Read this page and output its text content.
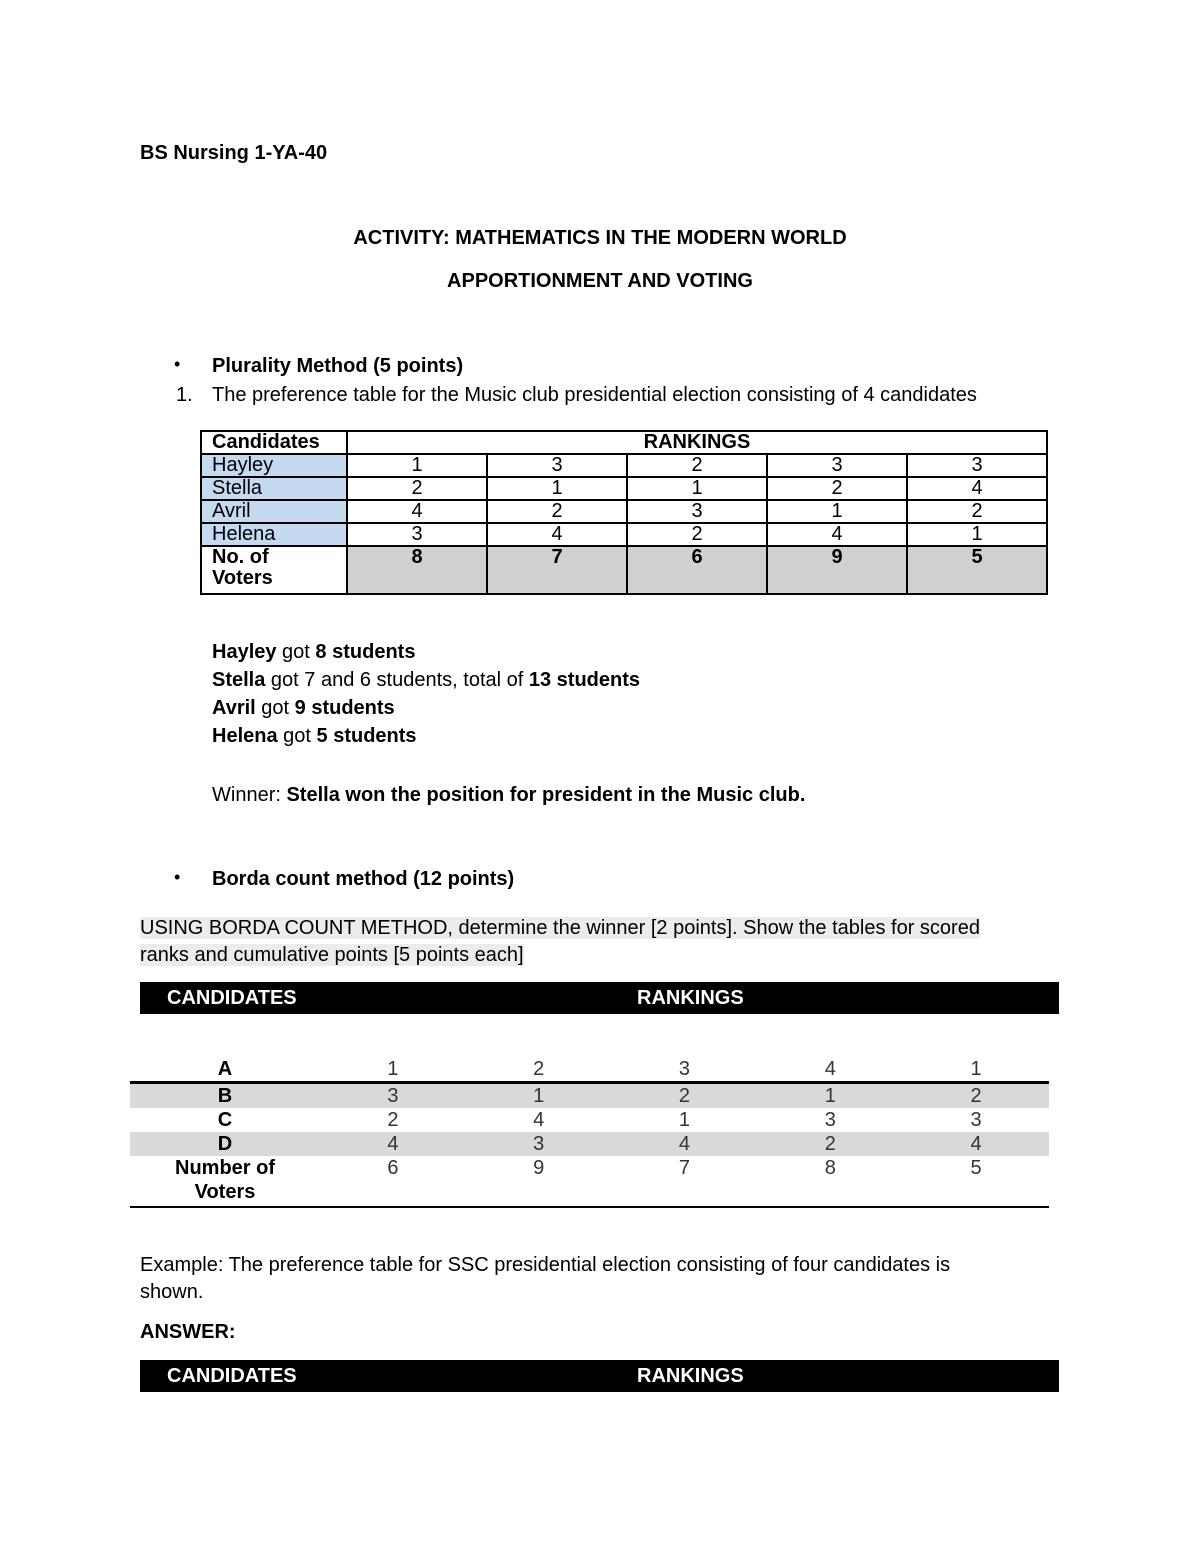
BS Nursing 1-YA-40
ACTIVITY: MATHEMATICS IN THE MODERN WORLD
APPORTIONMENT AND VOTING
• Plurality Method (5 points)
1. The preference table for the Music club presidential election consisting of 4 candidates
Candidates	RANKINGS				
Hayley	1	3	2	3	3
Stella	2	1	1	2	4
Avril	4	2	3	1	2
Helena	3	4	2	4	1
No. of
Voters	8	7	6	9	5
Hayley got 8 students
Stella got 7 and 6 students, total of 13 students
Avril got 9 students
Helena got 5 students
Winner: Stella won the position for president in the Music club.
• Borda count method (12 points)
USING BORDA COUNT METHOD, determine the winner [2 points]. Show the tables for scored
ranks and cumulative points [5 points each]
CANDIDATES	RANKINGS
A	1	2	3	4	1
B	3	1	2	1	2
C	2	4	1	3	3
D	4	3	4	2	4
Number of
Voters	6	9	7	8	5
Example: The preference table for SSC presidential election consisting of four candidates is
shown.
ANSWER:
CANDIDATES	RANKINGS
